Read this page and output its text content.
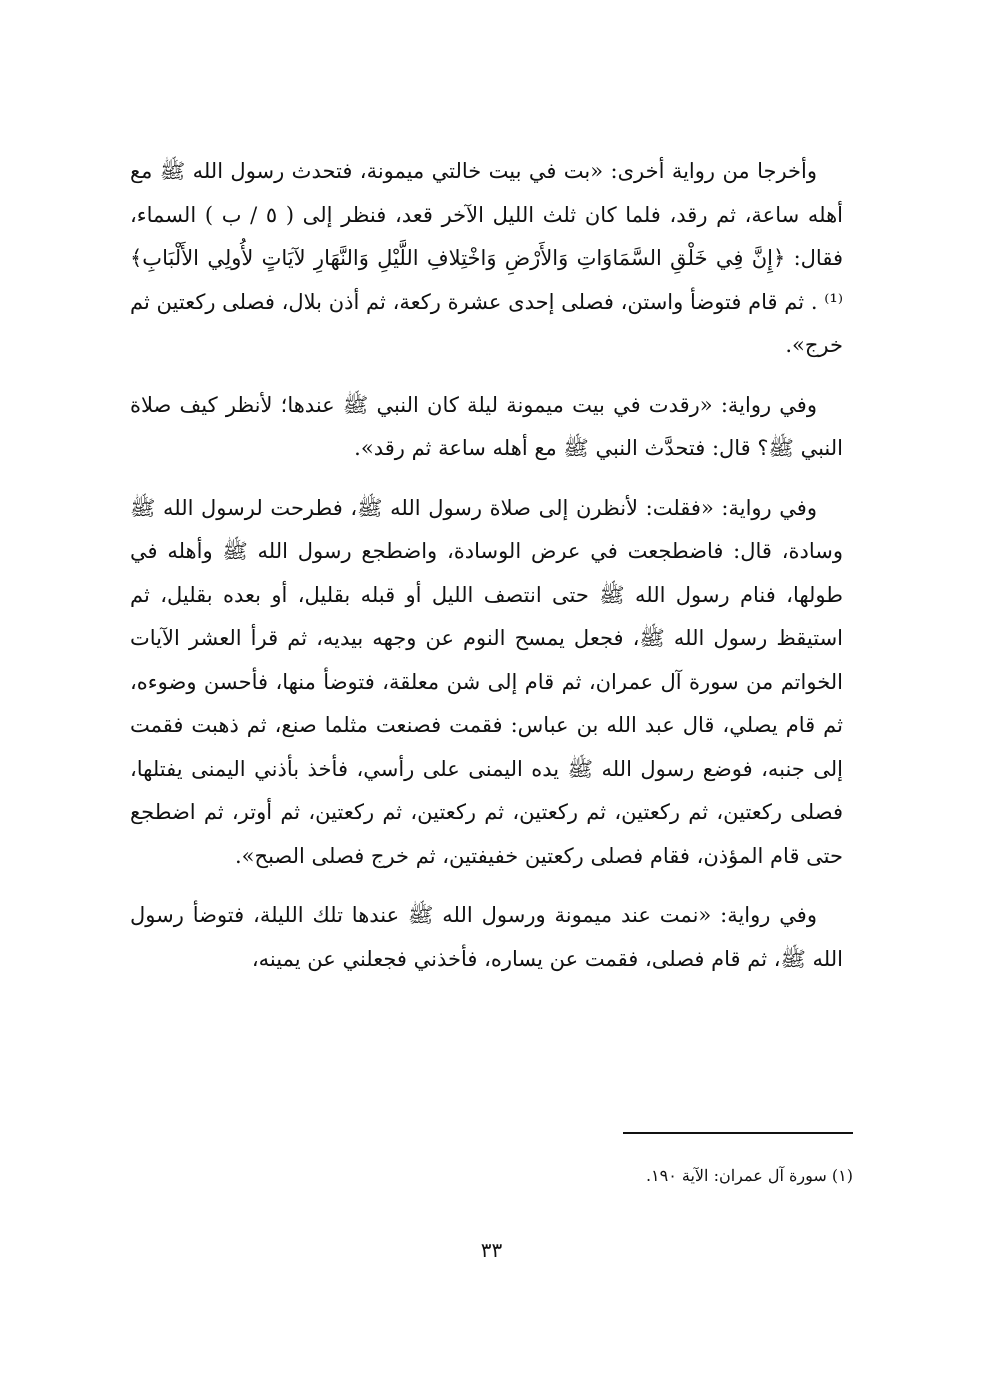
وأخرجا من رواية أخرى: «بت في بيت خالتي ميمونة، فتحدث رسول الله ﷺ مع أهله ساعة، ثم رقد، فلما كان ثلث الليل الآخر قعد، فنظر إلى ( ٥ / ب ) السماء، فقال: ﴿إِنَّ فِي خَلْقِ السَّمَاوَاتِ وَالأَرْضِ وَاخْتِلافِ اللَّيْلِ وَالنَّهَارِ لآيَاتٍ لأُولِي الأَلْبَابِ﴾⁽¹⁾ . ثم قام فتوضأ واستن، فصلى إحدى عشرة ركعة، ثم أذن بلال، فصلى ركعتين ثم خرج».

وفي رواية: «رقدت في بيت ميمونة ليلة كان النبي ﷺ عندها؛ لأنظر كيف صلاة النبي ﷺ؟ قال: فتحدَّث النبي ﷺ مع أهله ساعة ثم رقد».

وفي رواية: «فقلت: لأنظرن إلى صلاة رسول الله ﷺ، فطرحت لرسول الله ﷺ وسادة، قال: فاضطجعت في عرض الوسادة، واضطجع رسول الله ﷺ وأهله في طولها، فنام رسول الله ﷺ حتى انتصف الليل أو قبله بقليل، أو بعده بقليل، ثم استيقظ رسول الله ﷺ، فجعل يمسح النوم عن وجهه بيديه، ثم قرأ العشر الآيات الخواتم من سورة آل عمران، ثم قام إلى شن معلقة، فتوضأ منها، فأحسن وضوءه، ثم قام يصلي، قال عبد الله بن عباس: فقمت فصنعت مثلما صنع، ثم ذهبت فقمت إلى جنبه، فوضع رسول الله ﷺ يده اليمنى على رأسي، فأخذ بأذني اليمنى يفتلها، فصلى ركعتين، ثم ركعتين، ثم ركعتين، ثم ركعتين، ثم ركعتين، ثم أوتر، ثم اضطجع حتى قام المؤذن، فقام فصلى ركعتين خفيفتين، ثم خرج فصلى الصبح».

وفي رواية: «نمت عند ميمونة ورسول الله ﷺ عندها تلك الليلة، فتوضأ رسول الله ﷺ، ثم قام فصلى، فقمت عن يساره، فأخذني فجعلني عن يمينه،

(١) سورة آل عمران: الآية ١٩٠.
٣٣
